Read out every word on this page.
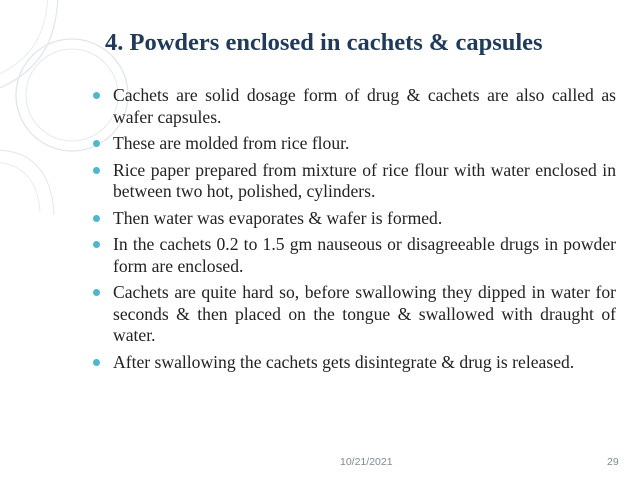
4. Powders enclosed in cachets & capsules
Cachets are solid dosage form of drug & cachets are also called as wafer capsules.
These are molded from rice flour.
Rice paper prepared from mixture of rice flour with water enclosed in between two hot, polished, cylinders.
Then water was evaporates & wafer is formed.
In the cachets 0.2 to 1.5 gm nauseous or disagreeable drugs in powder form are enclosed.
Cachets are quite hard so, before swallowing they dipped in water for seconds & then placed on the tongue & swallowed with draught of water.
After swallowing the cachets gets disintegrate & drug is released.
10/21/2021	29
